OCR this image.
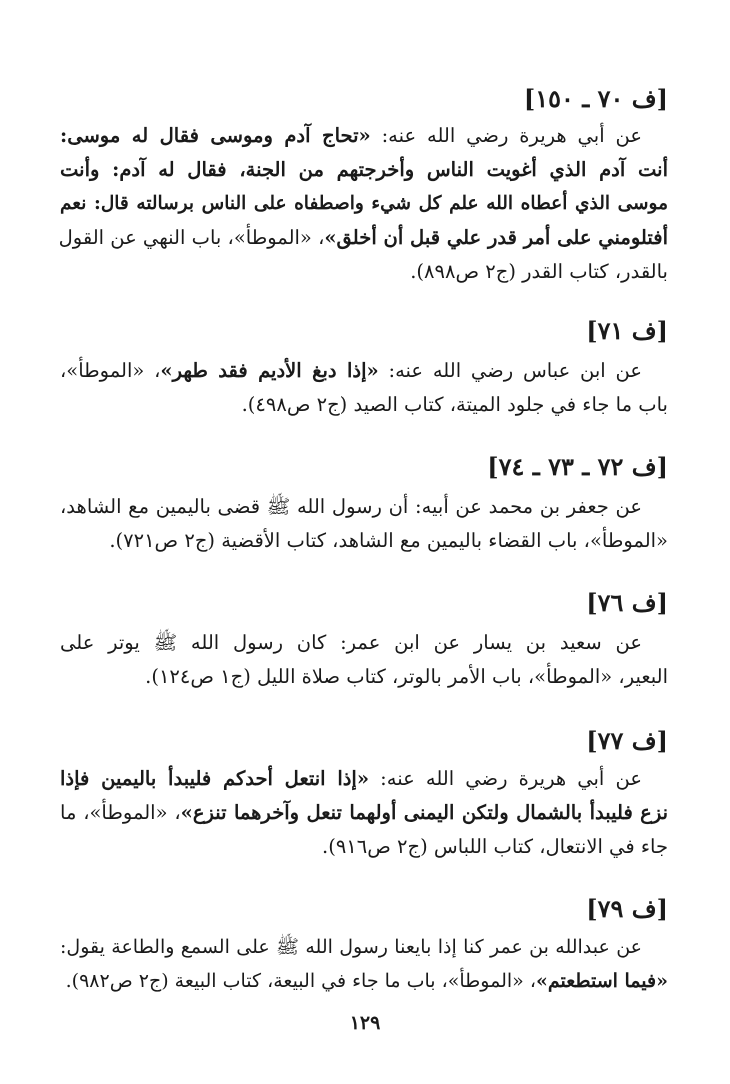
[ف ٧٠ ـ ١٥٠]
عن أبي هريرة رضي الله عنه: «تحاج آدم وموسى فقال له موسى:
أنت آدم الذي أغويت الناس وأخرجتهم من الجنة، فقال له آدم: وأنت
موسى الذي أعطاه الله علم كل شيء واصطفاه على الناس برسالته قال: نعم
أفتلومني على أمر قدر علي قبل أن أخلق»، «الموطأ»، باب النهي عن القول
بالقدر، كتاب القدر (ج٢ ص٨٩٨).
[ف ٧١]
عن ابن عباس رضي الله عنه: «إذا دبغ الأديم فقد طهر»، «الموطأ»،
باب ما جاء في جلود الميتة، كتاب الصيد (ج٢ ص٤٩٨).
[ف ٧٢ ـ ٧٣ ـ ٧٤]
عن جعفر بن محمد عن أبيه: أن رسول الله ﷺ قضى باليمين مع الشاهد،
«الموطأ»، باب القضاء باليمين مع الشاهد، كتاب الأقضية (ج٢ ص٧٢١).
[ف ٧٦]
عن سعيد بن يسار عن ابن عمر: كان رسول الله ﷺ يوتر على
البعير، «الموطأ»، باب الأمر بالوتر، كتاب صلاة الليل (ج١ ص١٢٤).
[ف ٧٧]
عن أبي هريرة رضي الله عنه: «إذا انتعل أحدكم فليبدأ باليمين فإذا
نزع فليبدأ بالشمال ولتكن اليمنى أولهما تنعل وآخرهما تنزع»، «الموطأ»، ما
جاء في الانتعال، كتاب اللباس (ج٢ ص٩١٦).
[ف ٧٩]
عن عبدالله بن عمر كنا إذا بايعنا رسول الله ﷺ على السمع والطاعة يقول:
«فيما استطعتم»، «الموطأ»، باب ما جاء في البيعة، كتاب البيعة (ج٢ ص٩٨٢).
١٢٩
